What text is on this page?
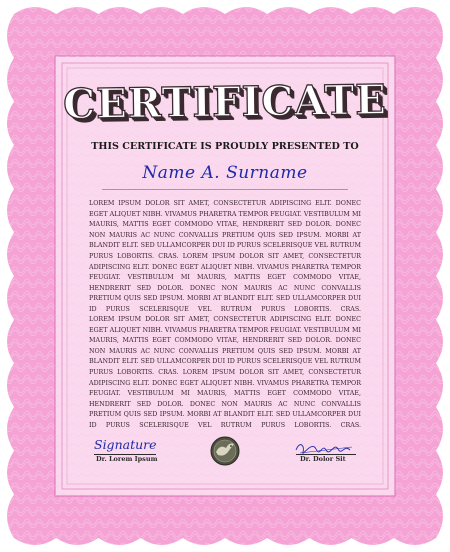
CERTIFICATE
THIS CERTIFICATE IS PROUDLY PRESENTED TO
Name A. Surname

LOREM IPSUM DOLOR SIT AMET, CONSECTETUR ADIPISCING ELIT. DONEC EGET ALIQUET NIBH. VIVAMUS PHARETRA TEMPOR FEUGIAT. VESTIBULUM MI MAURIS, MATTIS EGET COMMODO VITAE, HENDRERIT SED DOLOR. DONEC NON MAURIS AC NUNC CONVALLIS PRETIUM QUIS SED IPSUM. MORBI AT BLANDIT ELIT. SED ULLAMCORPER DUI ID PURUS SCELERISQUE VEL RUTRUM PURUS LOBORTIS. CRAS. LOREM IPSUM DOLOR SIT AMET, CONSECTETUR ADIPISCING ELIT. DONEC EGET ALIQUET NIBH. VIVAMUS PHARETRA TEMPOR FEUGIAT. VESTIBULUM MI MAURIS, MATTIS EGET COMMODO VITAE, HENDRERIT SED DOLOR. DONEC NON MAURIS AC NUNC CONVALLIS PRETIUM QUIS SED IPSUM. MORBI AT BLANDIT ELIT. SED ULLAMCORPER DUI ID PURUS SCELERISQUE VEL RUTRUM PURUS LOBORTIS. CRAS.

LOREM IPSUM DOLOR SIT AMET, CONSECTETUR ADIPISCING ELIT. DONEC EGET ALIQUET NIBH. VIVAMUS PHARETRA TEMPOR FEUGIAT. VESTIBULUM MI MAURIS, MATTIS EGET COMMODO VITAE, HENDRERIT SED DOLOR. DONEC NON MAURIS AC NUNC CONVALLIS PRETIUM QUIS SED IPSUM. MORBI AT BLANDIT ELIT. SED ULLAMCORPER DUI ID PURUS SCELERISQUE VEL RUTRUM PURUS LOBORTIS. CRAS. LOREM IPSUM DOLOR SIT AMET, CONSECTETUR ADIPISCING ELIT. DONEC EGET ALIQUET NIBH. VIVAMUS PHARETRA TEMPOR FEUGIAT. VESTIBULUM MI MAURIS, MATTIS EGET COMMODO VITAE, HENDRERIT SED DOLOR. DONEC NON MAURIS AC NUNC CONVALLIS PRETIUM QUIS SED IPSUM. MORBI AT BLANDIT ELIT. SED ULLAMCORPER DUI ID PURUS SCELERISQUE VEL RUTRUM PURUS LOBORTIS. CRAS.

Signature
Dr. Lorem Ipsum	Dr. Dolor Sit
